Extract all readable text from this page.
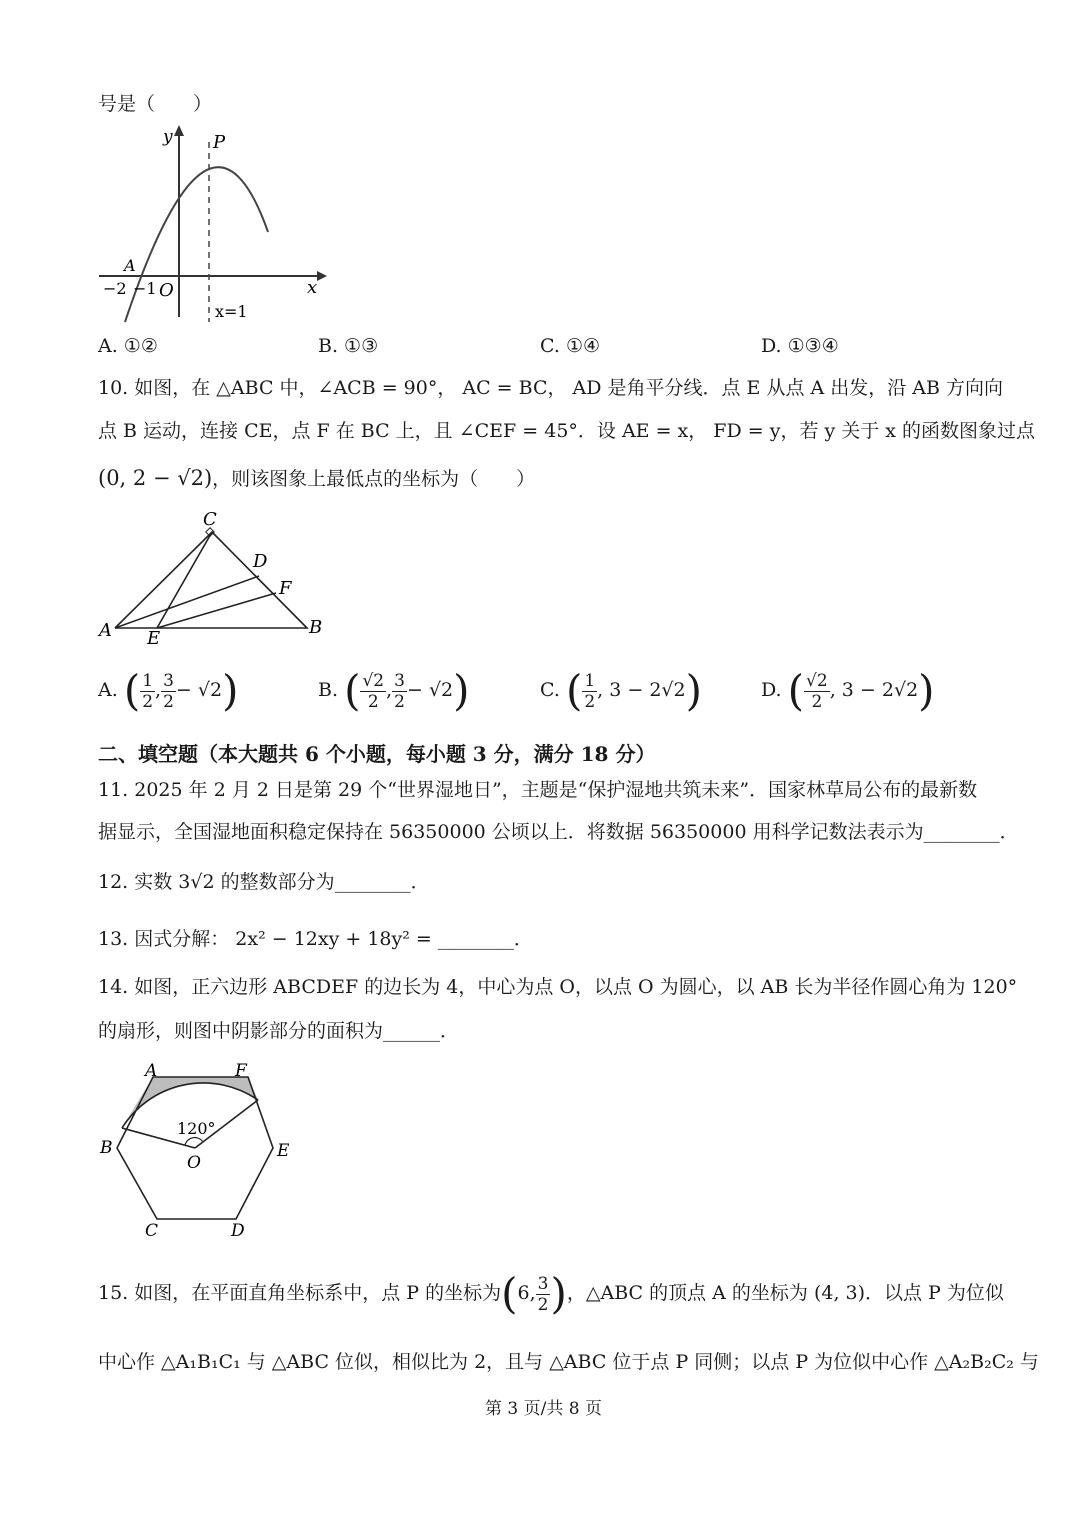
号是（　　）
y P
x
A
−2 −1 O
x=1
A. ①②	B. ①③	C. ①④	D. ①③④
10. 如图，在 △ABC 中，∠ACB = 90°， AC = BC， AD 是角平分线．点 E 从点 A 出发，沿 AB 方向向
点 B 运动，连接 CE，点 F 在 BC 上，且 ∠CEF = 45°．设 AE = x， FD = y，若 y 关于 x 的函数图象过点
(0, 2 − √2)，则该图象上最低点的坐标为（　　）
C
D
F
A E
B
A. ( $\frac{1}{2}$ , $\frac{3}{2} - √2$)	B. ( $\frac{√2}{2}$ , $\frac{3}{2} - √2$)	C. ( $\frac{1}{2}$ , 3 − 2√2)	D. ( $\frac{√2}{2}$ , 3 − 2√2)
二、填空题（本大题共 6 个小题，每小题 3 分，满分 18 分）
11. 2025 年 2 月 2 日是第 29 个“世界湿地日”，主题是“保护湿地共筑未来”．国家林草局公布的最新数
据显示，全国湿地面积稳定保持在 56350000 公顷以上．将数据 56350000 用科学记数法表示为________．
12. 实数 3√2 的整数部分为________．
13. 因式分解： 2x² − 12xy + 18y² = ________．
14. 如图，正六边形 ABCDEF 的边长为 4，中心为点 O，以点 O 为圆心，以 AB 长为半径作圆心角为 120°
的扇形，则图中阴影部分的面积为______．
A	F
B	E
C	D
O
120°
15. 如图，在平面直角坐标系中，点 P 的坐标为(6, $\frac{3}{2}$ )，△ABC 的顶点 A 的坐标为 (4, 3)．以点 P 为位似
中心作 △A₁B₁C₁ 与 △ABC 位似，相似比为 2，且与 △ABC 位于点 P 同侧；以点 P 为位似中心作 △A₂B₂C₂ 与
第 3 页/共 8 页
